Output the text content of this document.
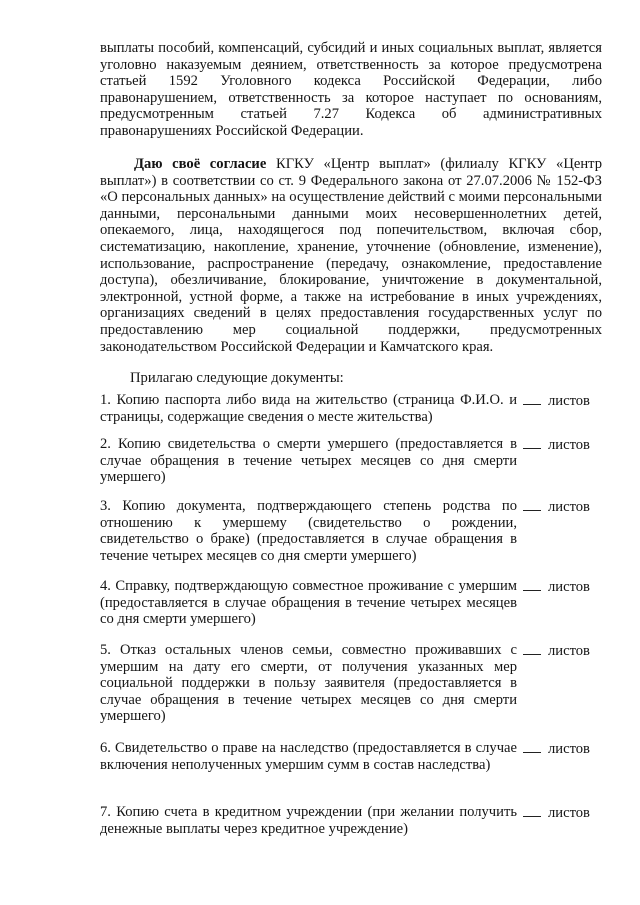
выплаты пособий, компенсаций, субсидий и иных социальных выплат, является уголовно наказуемым деянием, ответственность за которое предусмотрена статьей 1592 Уголовного кодекса Российской Федерации, либо правонарушением, ответственность за которое наступает по основаниям, предусмотренным статьей 7.27 Кодекса об административных правонарушениях Российской Федерации.

Даю своё согласие КГКУ «Центр выплат» (филиалу КГКУ «Центр выплат») в соответствии со ст. 9 Федерального закона от 27.07.2006 № 152-ФЗ «О персональных данных» на осуществление действий с моими персональными данными, персональными данными моих несовершеннолетних детей, опекаемого, лица, находящегося под попечительством, включая сбор, систематизацию, накопление, хранение, уточнение (обновление, изменение), использование, распространение (передачу, ознакомление, предоставление доступа), обезличивание, блокирование, уничтожение в документальной, электронной, устной форме, а также на истребование в иных учреждениях, организациях сведений в целях предоставления государственных услуг по предоставлению мер социальной поддержки, предусмотренных законодательством Российской Федерации и Камчатского края.

Прилагаю следующие документы:

1. Копию паспорта либо вида на жительство (страница Ф.И.О. и страницы, содержащие сведения о месте жительства)

листов

2. Копию свидетельства о смерти умершего (предоставляется в случае обращения в течение четырех месяцев со дня смерти умершего)

листов

3. Копию документа, подтверждающего степень родства по отношению к умершему (свидетельство о рождении, свидетельство о браке) (предоставляется в случае обращения в течение четырех месяцев со дня смерти умершего)

листов

4. Справку, подтверждающую совместное проживание с умершим (предоставляется в случае обращения в течение четырех месяцев со дня смерти умершего)

листов

5. Отказ остальных членов семьи, совместно проживавших с умершим на дату его смерти, от получения указанных мер социальной поддержки в пользу заявителя (предоставляется в случае обращения в течение четырех месяцев со дня смерти умершего)

листов

6. Свидетельство о праве на наследство (предоставляется в случае включения неполученных умершим сумм в состав наследства)

листов

7. Копию счета в кредитном учреждении (при желании получить денежные выплаты через кредитное учреждение)

листов
